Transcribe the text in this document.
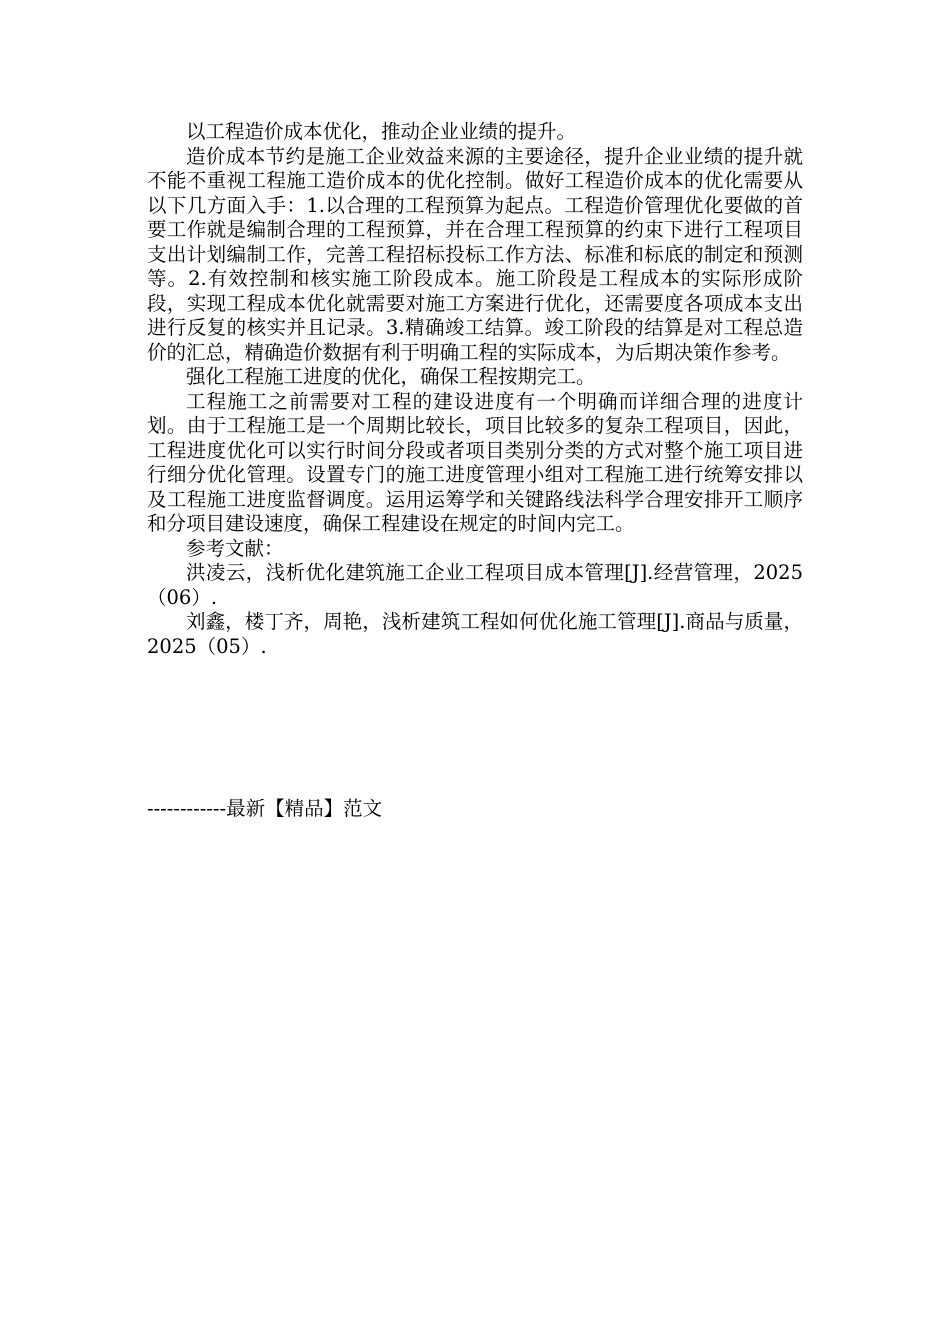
以工程造价成本优化，推动企业业绩的提升。

造价成本节约是施工企业效益来源的主要途径，提升企业业绩的提升就不能不重视工程施工造价成本的优化控制。做好工程造价成本的优化需要从以下几方面入手：1.以合理的工程预算为起点。工程造价管理优化要做的首要工作就是编制合理的工程预算，并在合理工程预算的约束下进行工程项目支出计划编制工作，完善工程招标投标工作方法、标准和标底的制定和预测等。2.有效控制和核实施工阶段成本。施工阶段是工程成本的实际形成阶段，实现工程成本优化就需要对施工方案进行优化，还需要度各项成本支出进行反复的核实并且记录。3.精确竣工结算。竣工阶段的结算是对工程总造价的汇总，精确造价数据有利于明确工程的实际成本，为后期决策作参考。

强化工程施工进度的优化，确保工程按期完工。

工程施工之前需要对工程的建设进度有一个明确而详细合理的进度计划。由于工程施工是一个周期比较长，项目比较多的复杂工程项目，因此，工程进度优化可以实行时间分段或者项目类别分类的方式对整个施工项目进行细分优化管理。设置专门的施工进度管理小组对工程施工进行统筹安排以及工程施工进度监督调度。运用运筹学和关键路线法科学合理安排开工顺序和分项目建设速度，确保工程建设在规定的时间内完工。

参考文献：

洪凌云，浅析优化建筑施工企业工程项目成本管理[J].经营管理，2025（06）.

刘鑫，楼丁齐，周艳，浅析建筑工程如何优化施工管理[J].商品与质量，2025（05）.

------------最新【精品】范文
